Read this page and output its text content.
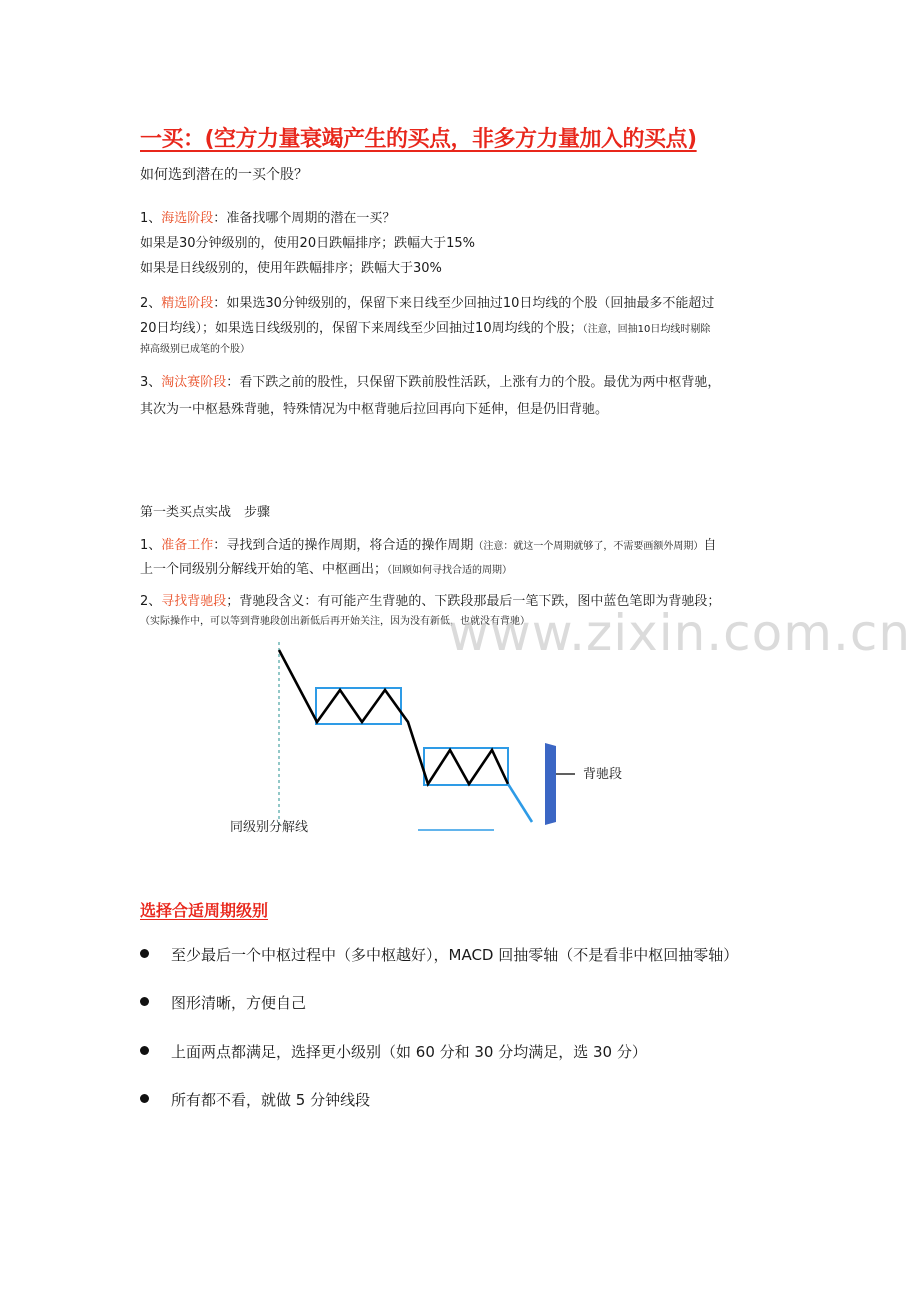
一买：(空方力量衰竭产生的买点，非多方力量加入的买点)
如何选到潜在的一买个股？
1、海选阶段：准备找哪个周期的潜在一买？
如果是30分钟级别的，使用20日跌幅排序；跌幅大于15%
如果是日线级别的，使用年跌幅排序；跌幅大于30%
2、精选阶段：如果选30分钟级别的，保留下来日线至少回抽过10日均线的个股（回抽最多不能超过
20日均线）；如果选日线级别的，保留下来周线至少回抽过10周均线的个股；（注意，回抽10日均线时剔除
掉高级别已成笔的个股）
3、淘汰赛阶段：看下跌之前的股性，只保留下跌前股性活跃，上涨有力的个股。最优为两中枢背驰，
其次为一中枢悬殊背驰，特殊情况为中枢背驰后拉回再向下延伸，但是仍旧背驰。
第一类买点实战　步骤
1、准备工作：寻找到合适的操作周期，将合适的操作周期（注意：就这一个周期就够了，不需要画额外周期）自
上一个同级别分解线开始的笔、中枢画出；（回顾如何寻找合适的周期）
2、寻找背驰段；背驰段含义：有可能产生背驰的、下跌段那最后一笔下跌，图中蓝色笔即为背驰段；
（实际操作中，可以等到背驰段创出新低后再开始关注，因为没有新低，也就没有背驰）
www.zixin.com.cn
背驰段
同级别分解线
选择合适周期级别
至少最后一个中枢过程中（多中枢越好），MACD 回抽零轴（不是看非中枢回抽零轴）
图形清晰，方便自己
上面两点都满足，选择更小级别（如 60 分和 30 分均满足，选 30 分）
所有都不看，就做 5 分钟线段
